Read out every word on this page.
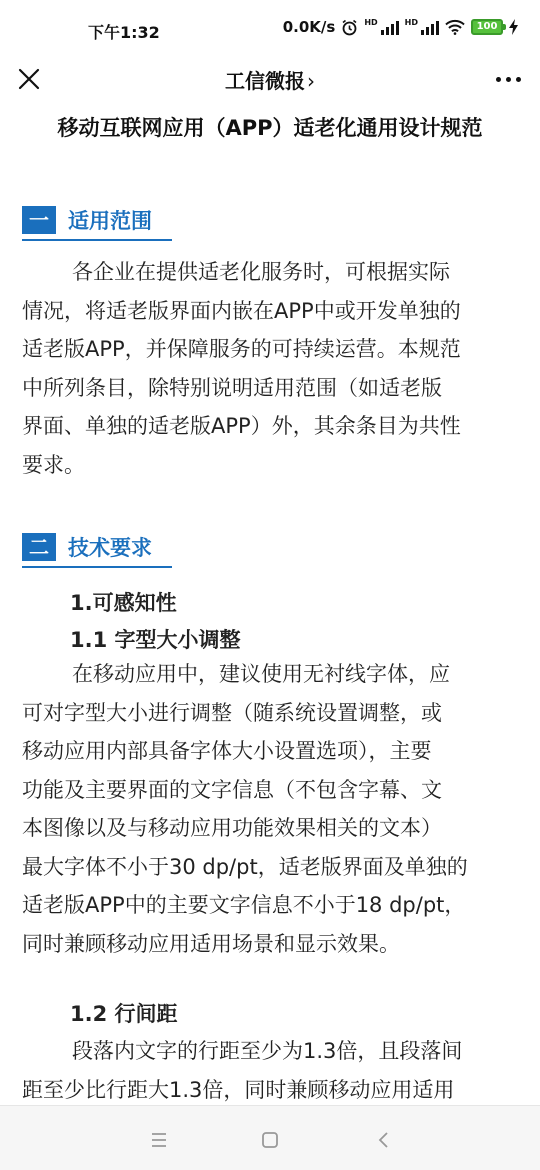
下午1:32	0.0K/s	HD	HD	100
工信微报 ›
移动互联网应用（APP）适老化通用设计规范
一 适用范围
各企业在提供适老化服务时，可根据实际
情况，将适老版界面内嵌在APP中或开发单独的
适老版APP，并保障服务的可持续运营。本规范
中所列条目，除特别说明适用范围（如适老版
界面、单独的适老版APP）外，其余条目为共性
要求。
二 技术要求
1.可感知性
1.1 字型大小调整
在移动应用中，建议使用无衬线字体，应
可对字型大小进行调整（随系统设置调整，或
移动应用内部具备字体大小设置选项），主要
功能及主要界面的文字信息（不包含字幕、文
本图像以及与移动应用功能效果相关的文本）
最大字体不小于30 dp/pt，适老版界面及单独的
适老版APP中的主要文字信息不小于18 dp/pt，
同时兼顾移动应用适用场景和显示效果。
1.2 行间距
段落内文字的行距至少为1.3倍，且段落间
距至少比行距大1.3倍，同时兼顾移动应用适用
